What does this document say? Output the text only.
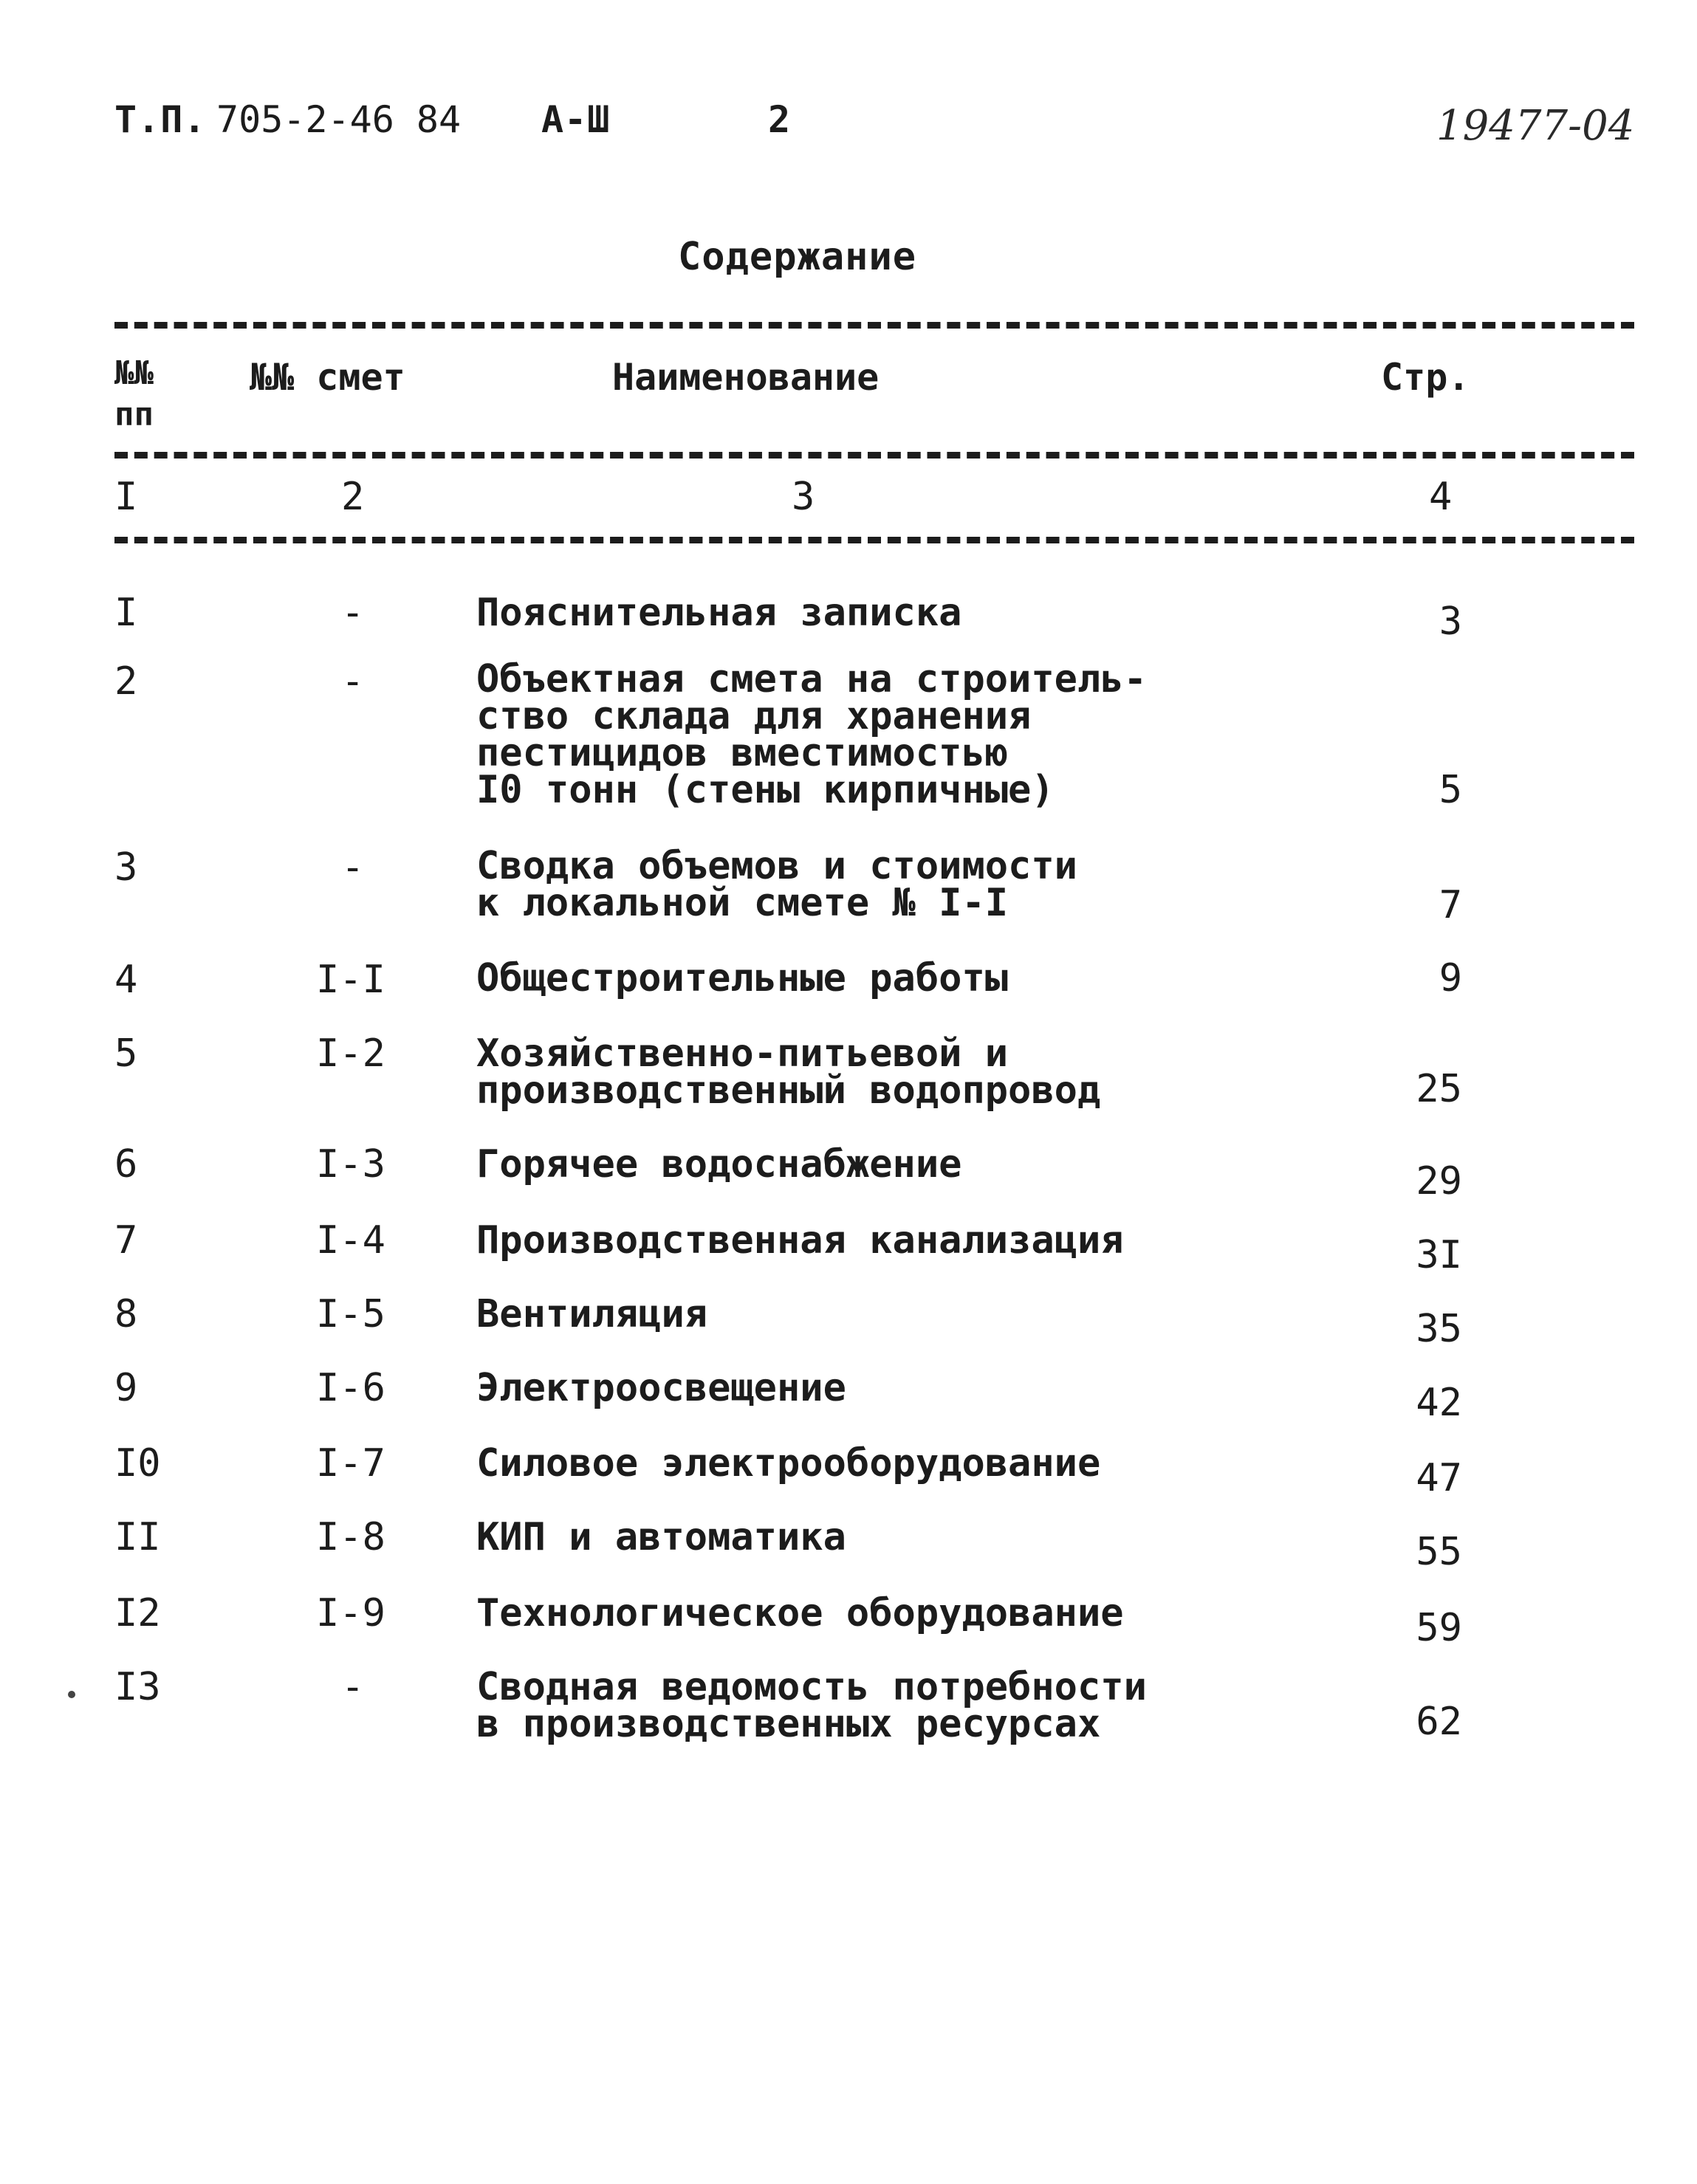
Т.П. 705-2-46 84 А-Ш	2	19477-04
Содержание
№№
пп
№№ смет	Наименование	Стр.
I	2	3	4
I	-	Пояснительная записка	3
2	-	Объектная смета на строитель-
ство склада для хранения
пестицидов вместимостью
I0 тонн (стены кирпичные)	5
3	-	Сводка объемов и стоимости
к локальной смете № I-I	7
4	I-I Общестроительные работы	9
5	I-2 Хозяйственно-питьевой и
производственный водопровод	25
6	I-3 Горячее водоснабжение	29
7	I-4 Производственная канализация	3I
8	I-5 Вентиляция	35
9	I-6 Электроосвещение	42
I0	I-7 Силовое электрооборудование	47
II	I-8 КИП и автоматика	55
I2	I-9 Технологическое оборудование	59
I3	-	Сводная ведомость потребности
в производственных ресурсах	62
